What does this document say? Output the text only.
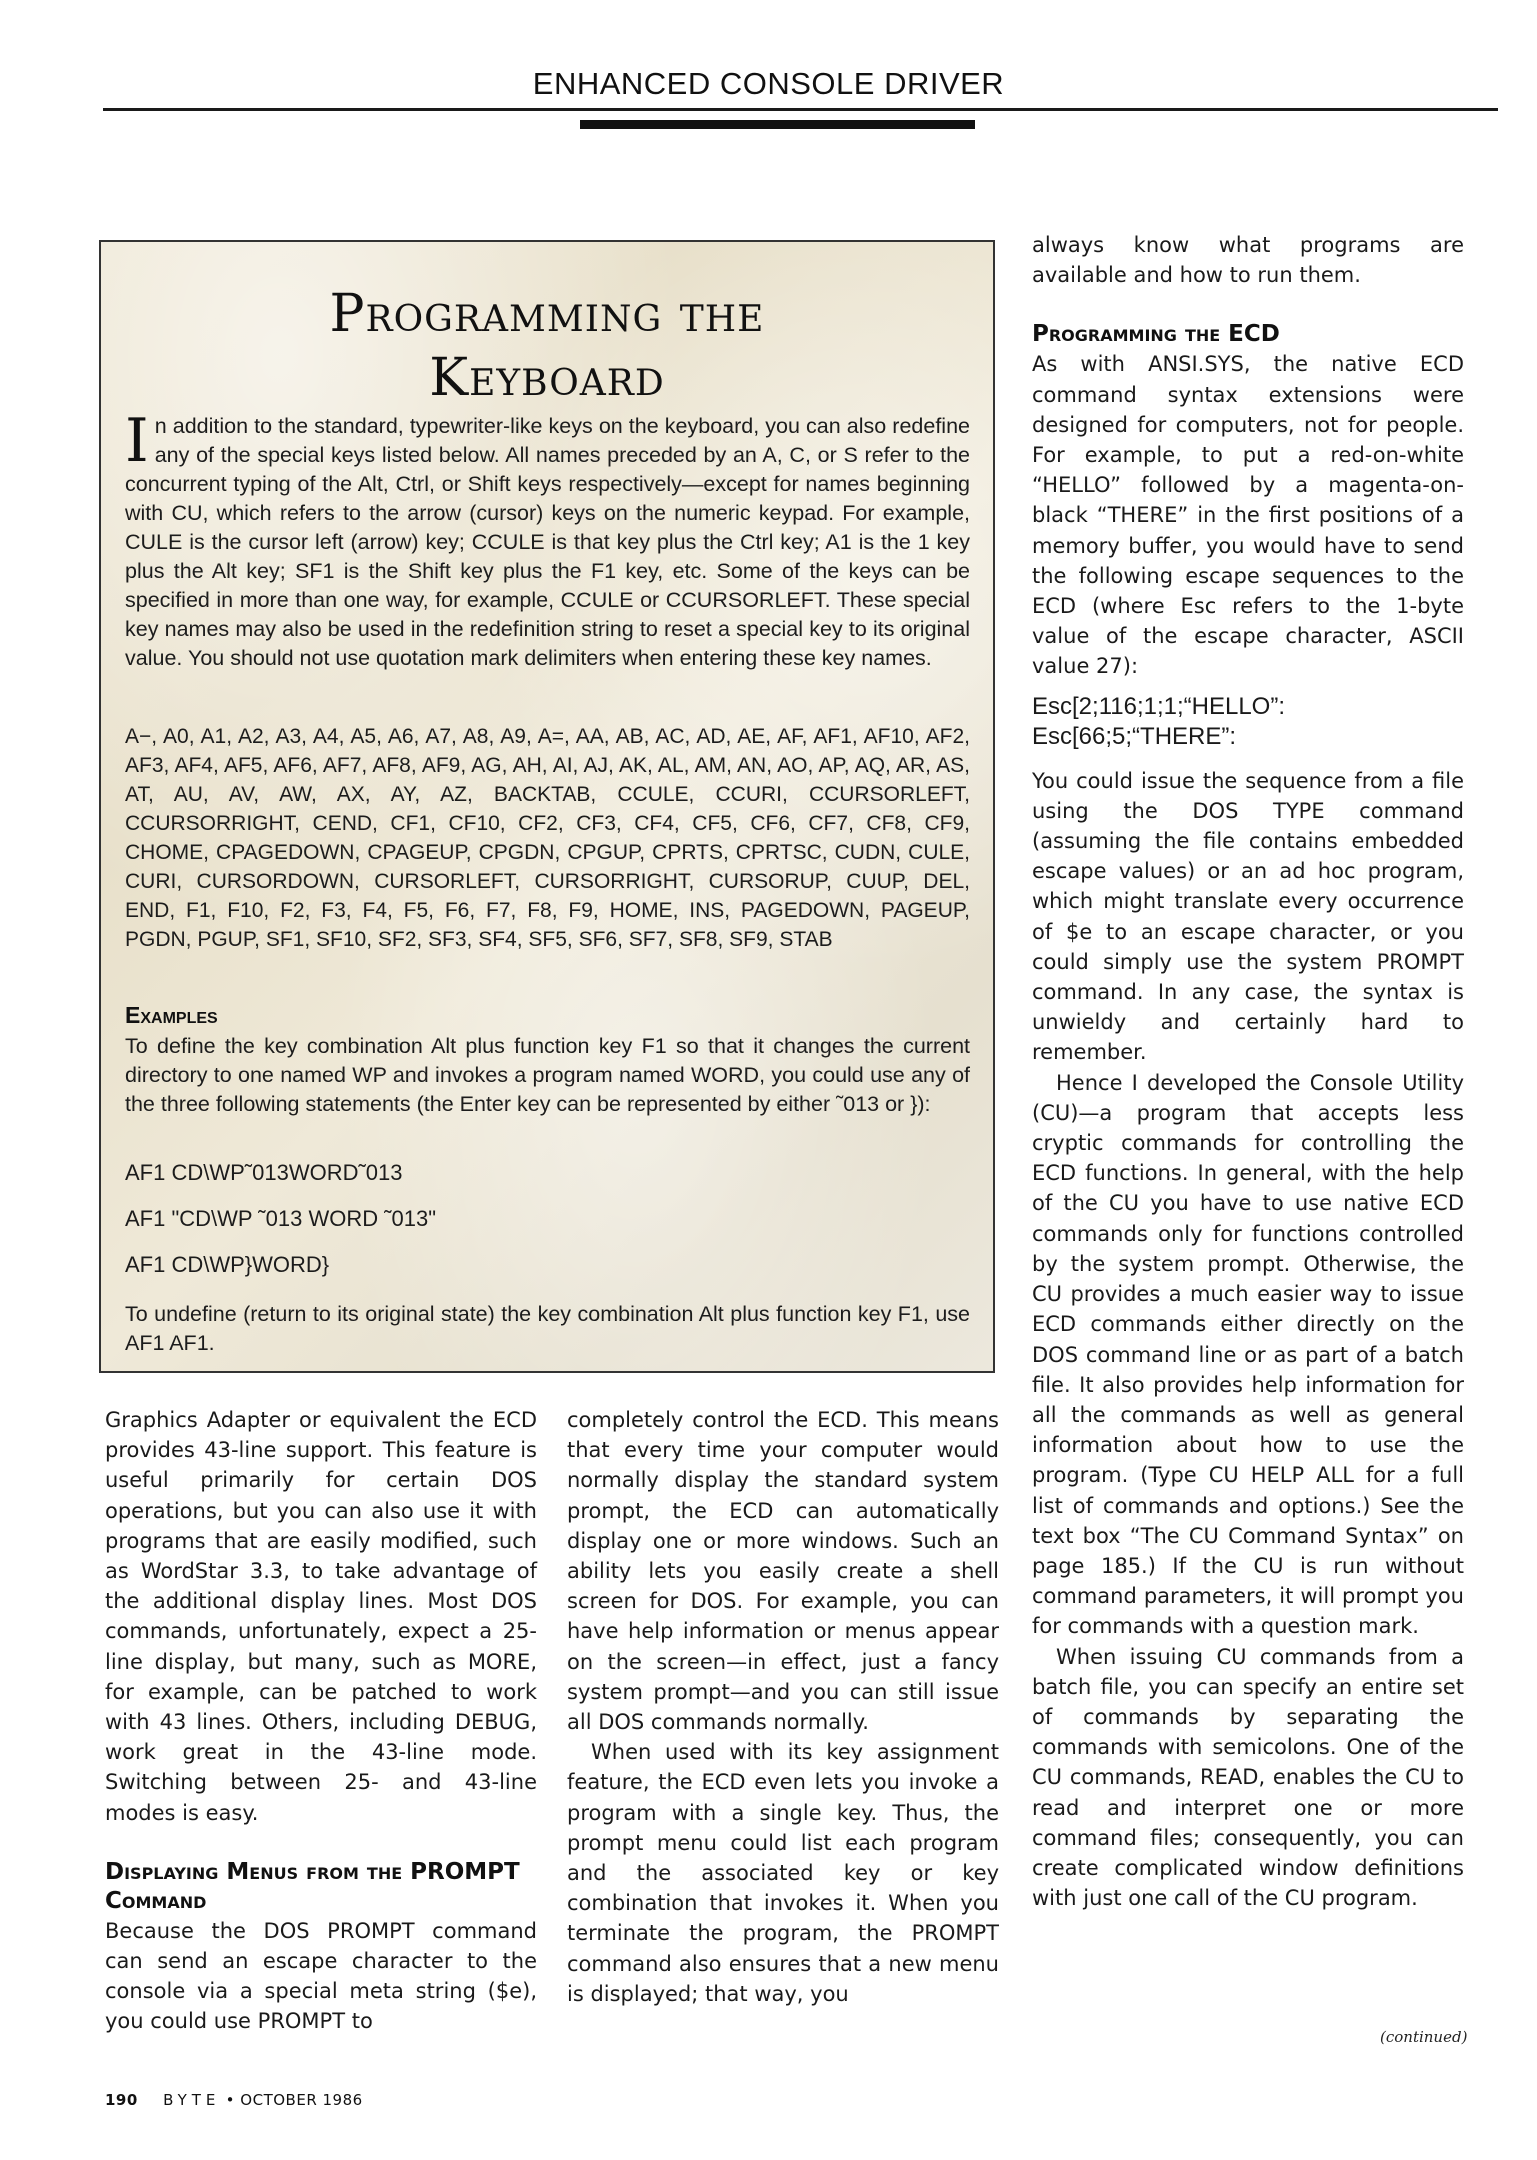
ENHANCED CONSOLE DRIVER
Programming the
Keyboard
In addition to the standard, typewriter-like keys on the keyboard, you can also redefine any of the special keys listed below. All names preceded by an A, C, or S refer to the concurrent typing of the Alt, Ctrl, or Shift keys respectively—except for names beginning with CU, which refers to the arrow (cursor) keys on the numeric keypad. For example, CULE is the cursor left (arrow) key; CCULE is that key plus the Ctrl key; A1 is the 1 key plus the Alt key; SF1 is the Shift key plus the F1 key, etc. Some of the keys can be specified in more than one way, for example, CCULE or CCURSORLEFT. These special key names may also be used in the redefinition string to reset a special key to its original value. You should not use quotation mark delimiters when entering these key names.
A−, A0, A1, A2, A3, A4, A5, A6, A7, A8, A9, A=, AA, AB, AC, AD, AE, AF, AF1, AF10, AF2, AF3, AF4, AF5, AF6, AF7, AF8, AF9, AG, AH, AI, AJ, AK, AL, AM, AN, AO, AP, AQ, AR, AS, AT, AU, AV, AW, AX, AY, AZ, BACKTAB, CCULE, CCURI, CCURSORLEFT, CCURSORRIGHT, CEND, CF1, CF10, CF2, CF3, CF4, CF5, CF6, CF7, CF8, CF9, CHOME, CPAGEDOWN, CPAGEUP, CPGDN, CPGUP, CPRTS, CPRTSC, CUDN, CULE, CURI, CURSORDOWN, CURSORLEFT, CURSORRIGHT, CURSORUP, CUUP, DEL, END, F1, F10, F2, F3, F4, F5, F6, F7, F8, F9, HOME, INS, PAGEDOWN, PAGEUP, PGDN, PGUP, SF1, SF10, SF2, SF3, SF4, SF5, SF6, SF7, SF8, SF9, STAB
Examples
To define the key combination Alt plus function key F1 so that it changes the current directory to one named WP and invokes a program named WORD, you could use any of the three following statements (the Enter key can be represented by either ˜013 or }):
AF1 CD\WP˜013WORD˜013
AF1 "CD\WP ˜013 WORD ˜013"
AF1 CD\WP}WORD}
To undefine (return to its original state) the key combination Alt plus function key F1, use AF1 AF1.

always know what programs are available and how to run them.

Programming the ECD

As with ANSI.SYS, the native ECD command syntax extensions were designed for computers, not for people. For example, to put a red-on-white “HELLO” followed by a magenta-on-black “THERE” in the first positions of a memory buffer, you would have to send the following escape sequences to the ECD (where Esc refers to the 1-byte value of the escape character, ASCII value 27):

Esc[2;116;1;1;“HELLO”:
Esc[66;5;“THERE”:

You could issue the sequence from a file using the DOS TYPE command (assuming the file contains embedded escape values) or an ad hoc program, which might translate every occurrence of $e to an escape character, or you could simply use the system PROMPT command. In any case, the syntax is unwieldy and certainly hard to remember.

Hence I developed the Console Utility (CU)—a program that accepts less cryptic commands for controlling the ECD functions. In general, with the help of the CU you have to use native ECD commands only for functions controlled by the system prompt. Otherwise, the CU provides a much easier way to issue ECD commands either directly on the DOS command line or as part of a batch file. It also provides help information for all the commands as well as general information about how to use the program. (Type CU HELP ALL for a full list of commands and options.) See the text box “The CU Command Syntax” on page 185.) If the CU is run without command parameters, it will prompt you for commands with a question mark.

When issuing CU commands from a batch file, you can specify an entire set of commands by separating the commands with semicolons. One of the CU commands, READ, enables the CU to read and interpret one or more command files; consequently, you can create complicated window definitions with just one call of the CU program.

Graphics Adapter or equivalent the ECD provides 43-line support. This feature is useful primarily for certain DOS operations, but you can also use it with programs that are easily modified, such as WordStar 3.3, to take advantage of the additional display lines. Most DOS commands, unfortunately, expect a 25-line display, but many, such as MORE, for example, can be patched to work with 43 lines. Others, including DEBUG, work great in the 43-line mode. Switching between 25- and 43-line modes is easy.

Displaying Menus from the PROMPT Command

Because the DOS PROMPT command can send an escape character to the console via a special meta string ($e), you could use PROMPT to

completely control the ECD. This means that every time your computer would normally display the standard system prompt, the ECD can automatically display one or more windows. Such an ability lets you easily create a shell screen for DOS. For example, you can have help information or menus appear on the screen—in effect, just a fancy system prompt—and you can still issue all DOS commands normally.

When used with its key assignment feature, the ECD even lets you invoke a program with a single key. Thus, the prompt menu could list each program and the associated key or key combination that invokes it. When you terminate the program, the PROMPT command also ensures that a new menu is displayed; that way, you

(continued)
190 BYTE • OCTOBER 1986
